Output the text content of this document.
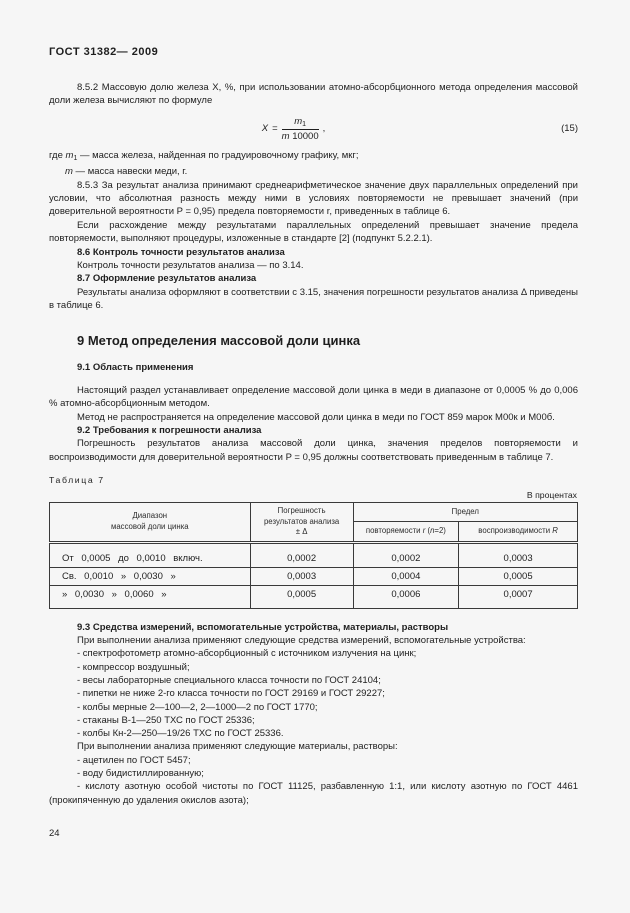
ГОСТ 31382— 2009

8.5.2 Массовую долю железа X, %, при использовании атомно-абсорбционного метода определения массовой доли железа вычисляют по формуле

$X = \frac{m_1}{m 10000}$ ,	(15)

где $m_1$ — масса железа, найденная по градуировочному графику, мкг;

m — масса навески меди, г.

8.5.3 За результат анализа принимают среднеарифметическое значение двух параллельных определений при условии, что абсолютная разность между ними в условиях повторяемости не превышает значений (при доверительной вероятности P = 0,95) предела повторяемости r, приведенных в таблице 6.

Если расхождение между результатами параллельных определений превышает значение предела повторяемости, выполняют процедуры, изложенные в стандарте [2] (подпункт 5.2.2.1).

8.6 Контроль точности результатов анализа

Контроль точности результатов анализа — по 3.14.

8.7 Оформление результатов анализа

Результаты анализа оформляют в соответствии с 3.15, значения погрешности результатов анализа Δ приведены в таблице 6.

9 Метод определения массовой доли цинка
9.1 Область применения

Настоящий раздел устанавливает определение массовой доли цинка в меди в диапазоне от 0,0005 % до 0,006 % атомно-абсорбционным методом.

Метод не распространяется на определение массовой доли цинка в меди по ГОСТ 859 марок М00к и М00б.

9.2 Требования к погрешности анализа

Погрешность результатов анализа массовой доли цинка, значения пределов повторяемости и воспроизводимости для доверительной вероятности P = 0,95 должны соответствовать приведенным в таблице 7.

Таблица 7
В процентах
Диапазон
массовой доли цинка	Погрешность
результатов анализа
± Δ	Предел	
		повторяемости r (n=2)	воспроизводимости R
От 0,0005 до 0,0010 включ.	0,0002	0,0002	0,0003
Св. 0,0010 » 0,0030 »	0,0003	0,0004	0,0005
» 0,0030 » 0,0060 »	0,0005	0,0006	0,0007

9.3 Средства измерений, вспомогательные устройства, материалы, растворы

При выполнении анализа применяют следующие средства измерений, вспомогательные устройства:

- спектрофотометр атомно-абсорбционный с источником излучения на цинк;

- компрессор воздушный;

- весы лабораторные специального класса точности по ГОСТ 24104;

- пипетки не ниже 2-го класса точности по ГОСТ 29169 и ГОСТ 29227;

- колбы мерные 2—100—2, 2—1000—2 по ГОСТ 1770;

- стаканы В-1—250 ТХС по ГОСТ 25336;

- колбы Кн-2—250—19/26 ТХС по ГОСТ 25336.

При выполнении анализа применяют следующие материалы, растворы:

- ацетилен по ГОСТ 5457;

- воду бидистиллированную;

- кислоту азотную особой чистоты по ГОСТ 11125, разбавленную 1:1, или кислоту азотную по ГОСТ 4461 (прокипяченную до удаления окислов азота);

24
